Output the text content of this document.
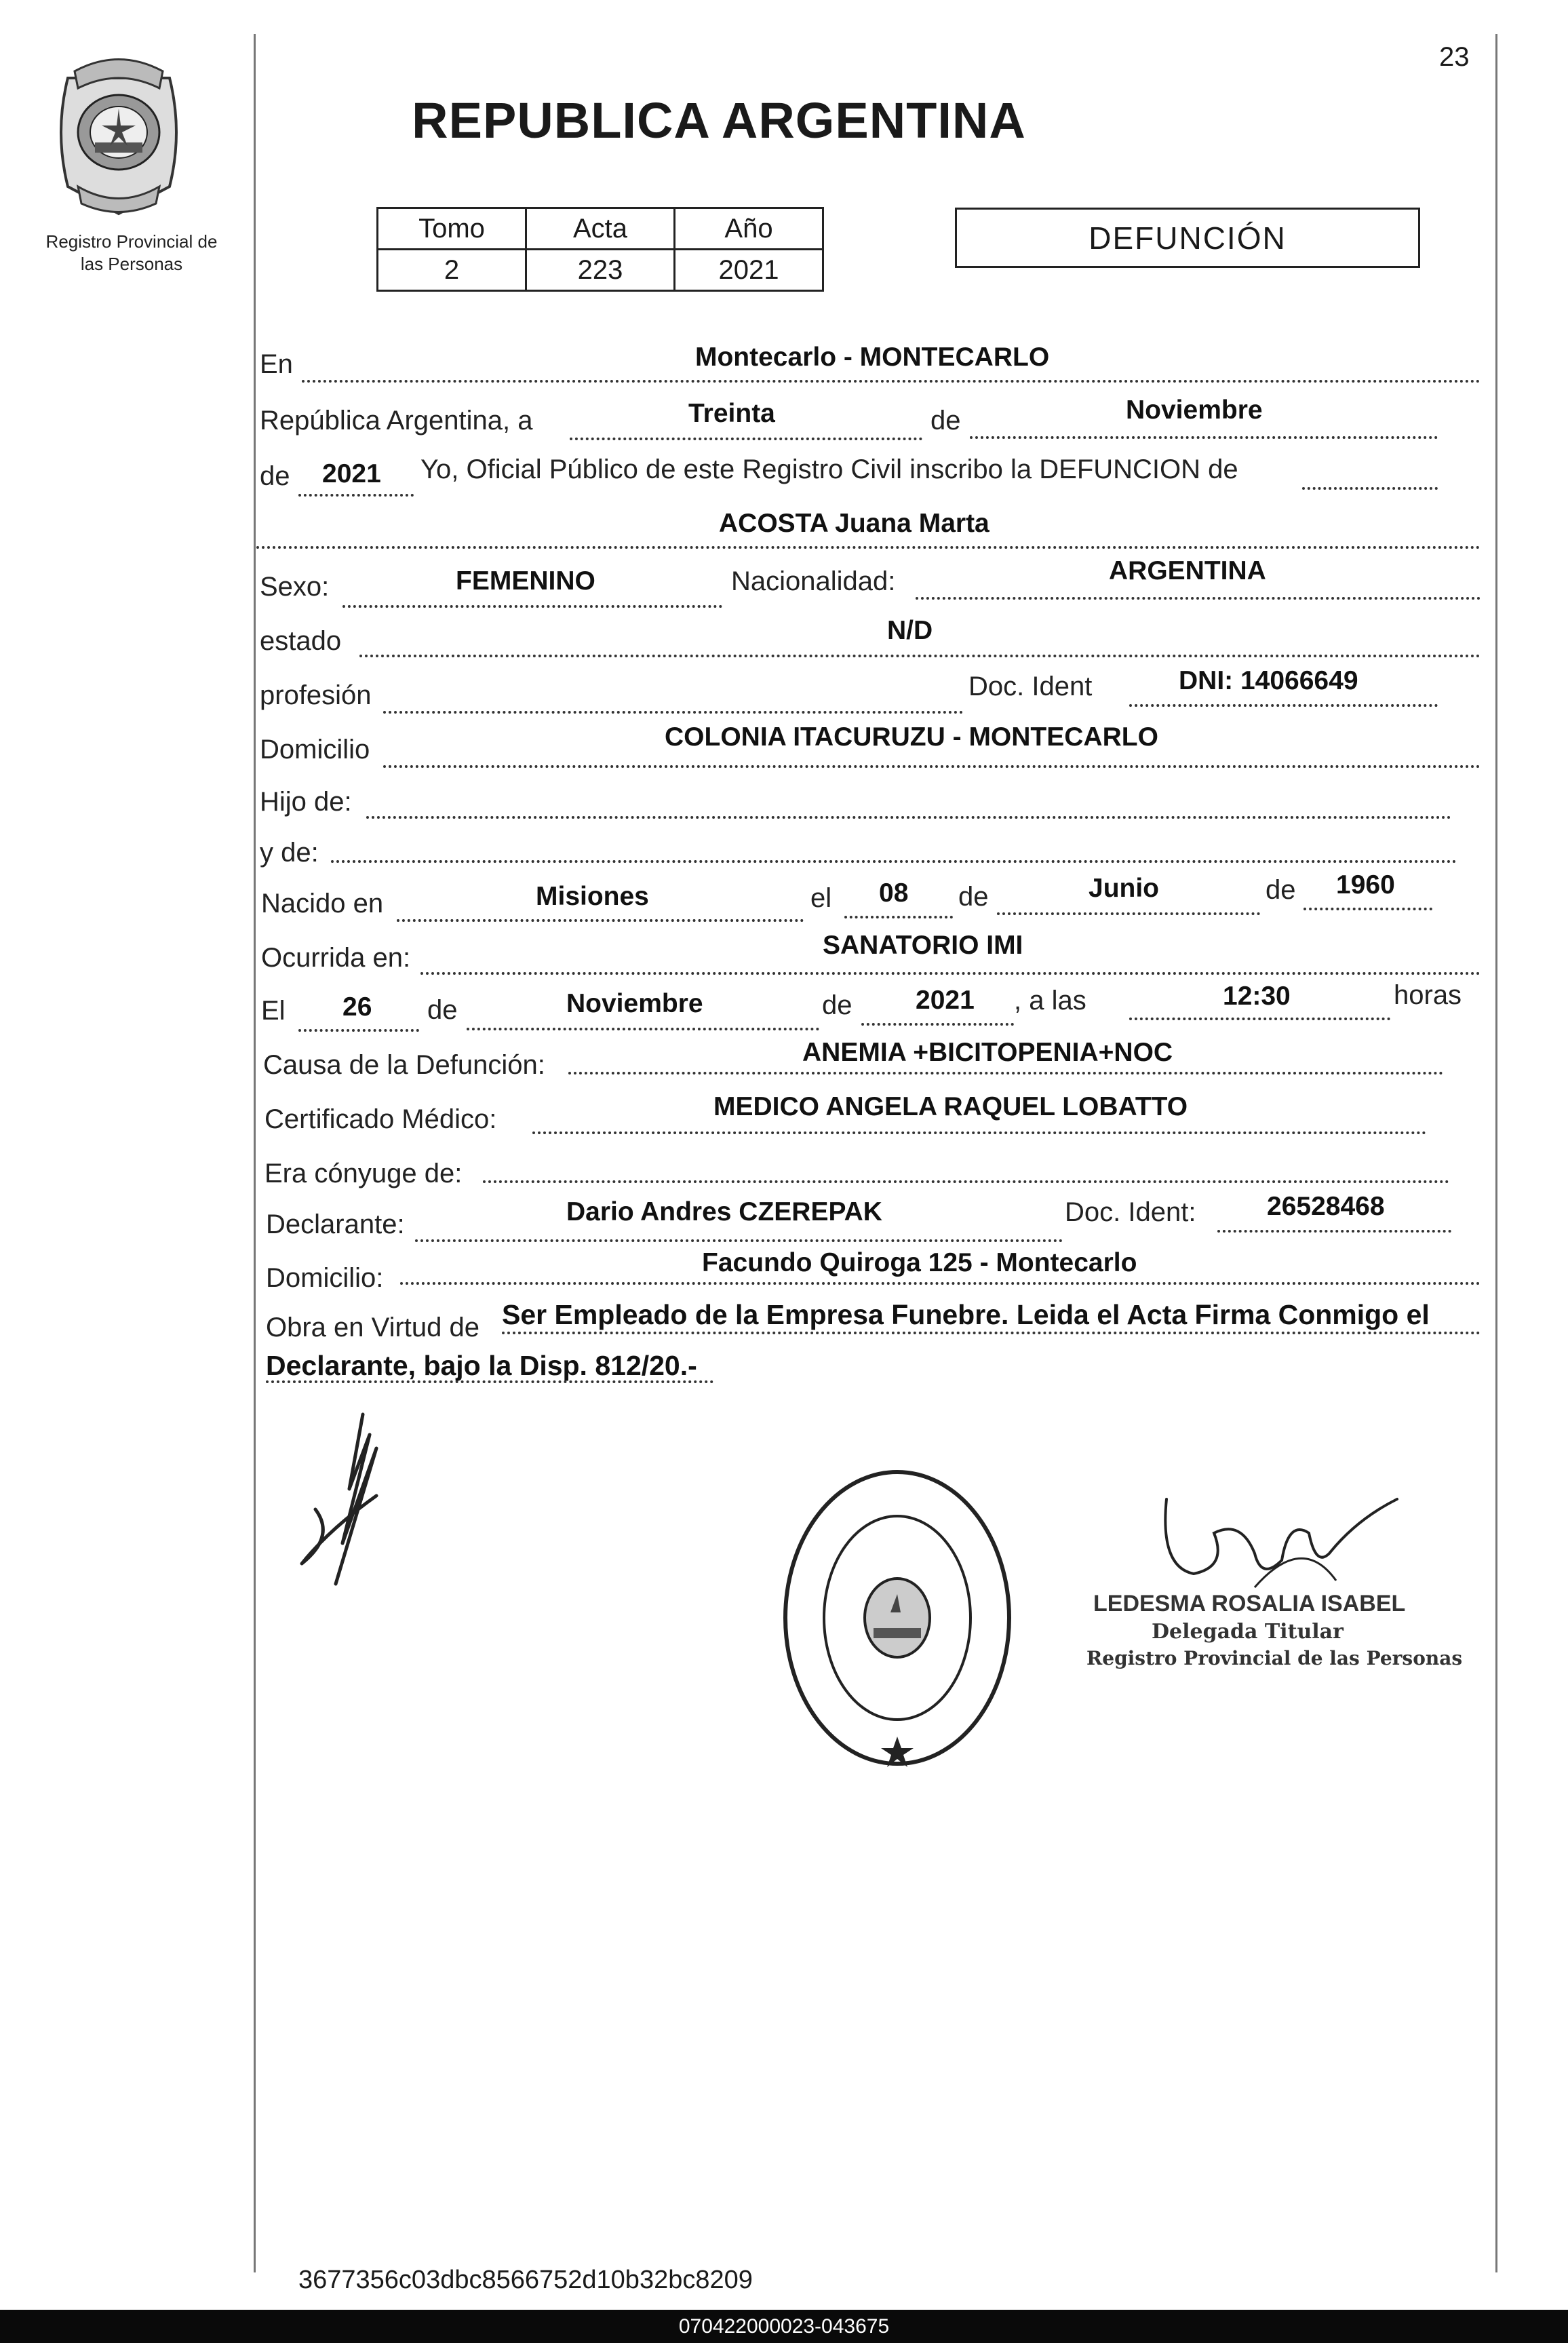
23
Registro Provincial de
las Personas
REPUBLICA ARGENTINA
Tomo	Acta	Año
2	223	2021
DEFUNCIÓN
En	Montecarlo - MONTECARLO
República Argentina, a	Treinta	de	Noviembre
de 2021 Yo, Oficial Público de este Registro Civil inscribo la DEFUNCION de
ACOSTA Juana Marta
Sexo:	FEMENINO	Nacionalidad:	ARGENTINA
estado	N/D
profesión	Doc. Ident	DNI: 14066649
Domicilio	COLONIA ITACURUZU - MONTECARLO
Hijo de:
y de:
Nacido en	Misiones	el 08 de	Junio	de 1960
Ocurrida en:	SANATORIO IMI
El 26 de	Noviembre	de 2021 , a las	12:30	horas
Causa de la Defunción:	ANEMIA +BICITOPENIA+NOC
Certificado Médico:	MEDICO ANGELA RAQUEL LOBATTO
Era cónyuge de:
Declarante:	Dario Andres CZEREPAK	Doc. Ident:	26528468
Domicilio:
Facundo Quiroga 125 - Montecarlo
Obra en Virtud de Ser Empleado de la Empresa Funebre. Leida el Acta Firma Conmigo el
Declarante, bajo la Disp. 812/20.-
LEDESMA ROSALIA ISABEL
Delegada Titular
Registro Provincial de las Personas
3677356c03dbc8566752d10b32bc8209
070422000023-043675
